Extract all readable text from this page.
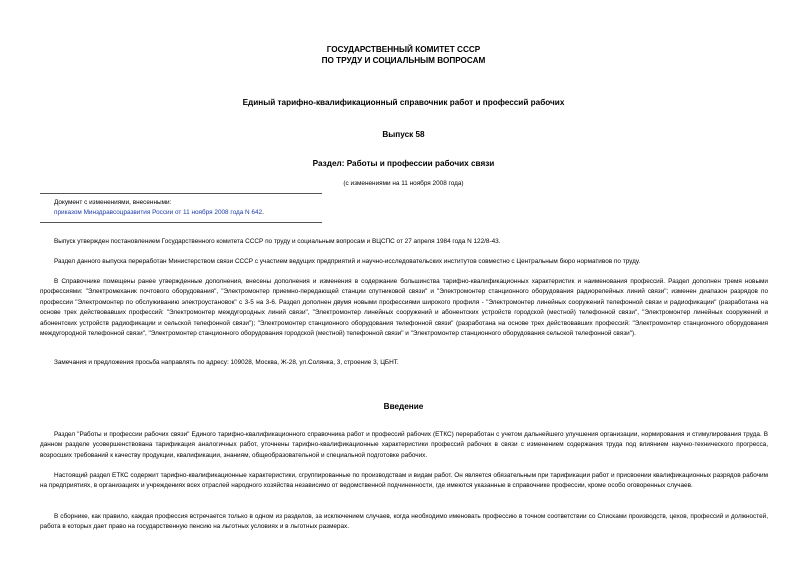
ГОСУДАРСТВЕННЫЙ КОМИТЕТ СССР
ПО ТРУДУ И СОЦИАЛЬНЫМ ВОПРОСАМ
Единый тарифно-квалификационный справочник работ и профессий рабочих
Выпуск 58
Раздел: Работы и профессии рабочих связи
(с изменениями на 11 ноября 2008 года)
Документ с изменениями, внесенными:
приказом Минздравсоцразвития России от 11 ноября 2008 года N 642.
Выпуск утвержден постановлением Государственного комитета СССР по труду и социальным вопросам и ВЦСПС от 27 апреля 1984 года N 122/8-43.
Раздел данного выпуска переработан Министерством связи СССР с участием ведущих предприятий и научно-исследовательских институтов совместно с Центральным бюро нормативов по труду.
В Справочнике помещены ранее утвержденные дополнения, внесены дополнения и изменения в содержание большинства тарифно-квалификационных характеристик и наименования профессий. Раздел дополнен тремя новыми профессиями: "Электромеханик почтового оборудования", "Электромонтер приемно-передающей станции спутниковой связи" и "Электромонтер станционного оборудования радиорелейных линий связи"; изменен диапазон разрядов по профессии "Электромонтер по обслуживанию электроустановок" с 3-5 на 3-6. Раздел дополнен двумя новыми профессиями широкого профиля - "Электромонтер линейных сооружений телефонной связи и радиофикации" (разработана на основе трех действовавших профессий: "Электромонтер междугородных линий связи", "Электромонтер линейных сооружений и абонентских устройств городской (местной) телефонной связи", "Электромонтер линейных сооружений и абонентских устройств радиофикации и сельской телефонной связи"); "Электромонтер станционного оборудования телефонной связи" (разработана на основе трех действовавших профессий: "Электромонтер станционного оборудования междугородной телефонной связи", "Электромонтер станционного оборудования городской (местной) телефонной связи" и "Электромонтер станционного оборудования сельской телефонной связи").
Замечания и предложения просьба направлять по адресу: 109028, Москва, Ж-28, ул.Солянка, 3, строение 3, ЦБНТ.
Введение
Раздел "Работы и профессии рабочих связи" Единого тарифно-квалификационного справочника работ и профессий рабочих (ЕТКС) переработан с учетом дальнейшего улучшения организации, нормирования и стимулирования труда. В данном разделе усовершенствована тарификация аналогичных работ, уточнены тарифно-квалификационные характеристики профессий рабочих в связи с изменением содержания труда под влиянием научно-технического прогресса, возросших требований к качеству продукции, квалификации, знаниям, общеобразовательной и специальной подготовке рабочих.
Настоящий раздел ЕТКС содержит тарифно-квалификационные характеристики, сгруппированные по производствам и видам работ. Он является обязательным при тарификации работ и присвоении квалификационных разрядов рабочим на предприятиях, в организациях и учреждениях всех отраслей народного хозяйства независимо от ведомственной подчиненности, где имеются указанные в справочнике профессии, кроме особо оговоренных случаев.
В сборнике, как правило, каждая профессия встречается только в одном из разделов, за исключением случаев, когда необходимо именовать профессию в точном соответствии со Списками производств, цехов, профессий и должностей, работа в которых дает право на государственную пенсию на льготных условиях и в льготных размерах.
